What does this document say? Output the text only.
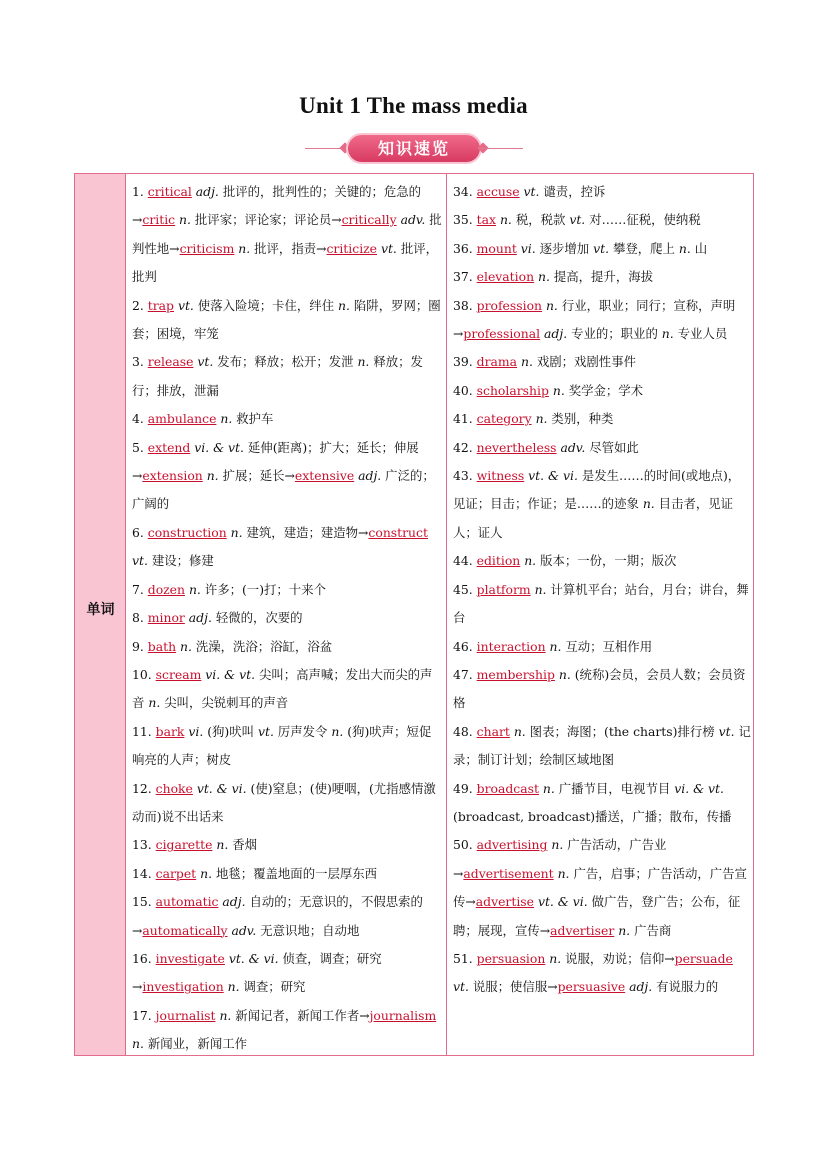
Unit 1 The mass media
知识速览
单词
1. critical adj. 批评的，批判性的；关键的；危急的→critic n. 批评家；评论家；评论员→critically adv. 批判性地→criticism n. 批评，指责→criticize vt. 批评，批判
2. trap vt. 使落入险境；卡住，绊住 n. 陷阱，罗网；圈套；困境，牢笼
3. release vt. 发布；释放；松开；发泄 n. 释放；发行；排放，泄漏
4. ambulance n. 救护车
5. extend vi. & vt. 延伸(距离)；扩大；延长；伸展→extension n. 扩展；延长→extensive adj. 广泛的；广阔的
6. construction n. 建筑，建造；建造物→construct vt. 建设；修建
7. dozen n. 许多；(一)打；十来个
8. minor adj. 轻微的，次要的
9. bath n. 洗澡，洗浴；浴缸，浴盆
10. scream vi. & vt. 尖叫；高声喊；发出大而尖的声音 n. 尖叫，尖锐刺耳的声音
11. bark vi. (狗)吠叫 vt. 厉声发令 n. (狗)吠声；短促响亮的人声；树皮
12. choke vt. & vi. (使)窒息；(使)哽咽，(尤指感情激动而)说不出话来
13. cigarette n. 香烟
14. carpet n. 地毯；覆盖地面的一层厚东西
15. automatic adj. 自动的；无意识的，不假思索的→automatically adv. 无意识地；自动地
16. investigate vt. & vi. 侦查，调查；研究→investigation n. 调查；研究
17. journalist n. 新闻记者，新闻工作者→journalism n. 新闻业，新闻工作
34. accuse vt. 谴责，控诉
35. tax n. 税，税款 vt. 对……征税，使纳税
36. mount vi. 逐步增加 vt. 攀登，爬上 n. 山
37. elevation n. 提高，提升，海拔
38. profession n. 行业，职业；同行；宣称，声明→professional adj. 专业的；职业的 n. 专业人员
39. drama n. 戏剧；戏剧性事件
40. scholarship n. 奖学金；学术
41. category n. 类别，种类
42. nevertheless adv. 尽管如此
43. witness vt. & vi. 是发生……的时间(或地点)，见证；目击；作证；是……的迹象 n. 目击者，见证人；证人
44. edition n. 版本；一份，一期；版次
45. platform n. 计算机平台；站台，月台；讲台，舞台
46. interaction n. 互动；互相作用
47. membership n. (统称)会员，会员人数；会员资格
48. chart n. 图表；海图；(the charts)排行榜 vt. 记录；制订计划；绘制区域地图
49. broadcast n. 广播节目，电视节目 vi. & vt. (broadcast, broadcast)播送，广播；散布，传播
50. advertising n. 广告活动，广告业→advertisement n. 广告，启事；广告活动，广告宣传→advertise vt. & vi. 做广告，登广告；公布，征聘；展现，宣传→advertiser n. 广告商
51. persuasion n. 说服，劝说；信仰→persuade vt. 说服；使信服→persuasive adj. 有说服力的
